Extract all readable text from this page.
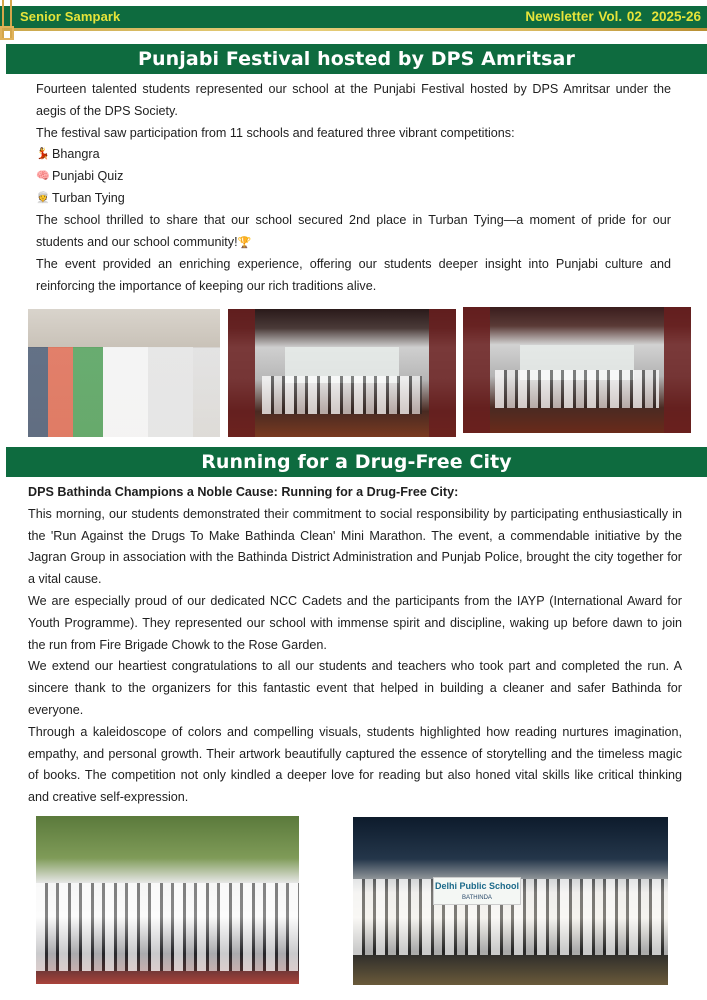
Senior Sampark	Newsletter Vol. 02 2025-26
Punjabi Festival hosted by DPS Amritsar

Fourteen talented students represented our school at the Punjabi Festival hosted by DPS Amritsar under the aegis of the DPS Society.

The festival saw participation from 11 schools and featured three vibrant competitions:

💃 Bhangra
🧠 Punjabi Quiz
👳 Turban Tying

The school thrilled to share that our school secured 2nd place in Turban Tying—a moment of pride for our students and our school community!🏆

The event provided an enriching experience, offering our students deeper insight into Punjabi culture and reinforcing the importance of keeping our rich traditions alive.

Running for a Drug-Free City

DPS Bathinda Champions a Noble Cause: Running for a Drug-Free City:

This morning, our students demonstrated their commitment to social responsibility by participating enthusiastically in the 'Run Against the Drugs To Make Bathinda Clean' Mini Marathon. The event, a commendable initiative by the Jagran Group in association with the Bathinda District Administration and Punjab Police, brought the city together for a vital cause.

We are especially proud of our dedicated NCC Cadets and the participants from the IAYP (International Award for Youth Programme). They represented our school with immense spirit and discipline, waking up before dawn to join the run from Fire Brigade Chowk to the Rose Garden.

We extend our heartiest congratulations to all our students and teachers who took part and completed the run. A sincere thank to the organizers for this fantastic event that helped in building a cleaner and safer Bathinda for everyone.

Through a kaleidoscope of colors and compelling visuals, students highlighted how reading nurtures imagination, empathy, and personal growth. Their artwork beautifully captured the essence of storytelling and the timeless magic of books. The competition not only kindled a deeper love for reading but also honed vital skills like critical thinking and creative self-expression.

Delhi Public School
BATHINDA
